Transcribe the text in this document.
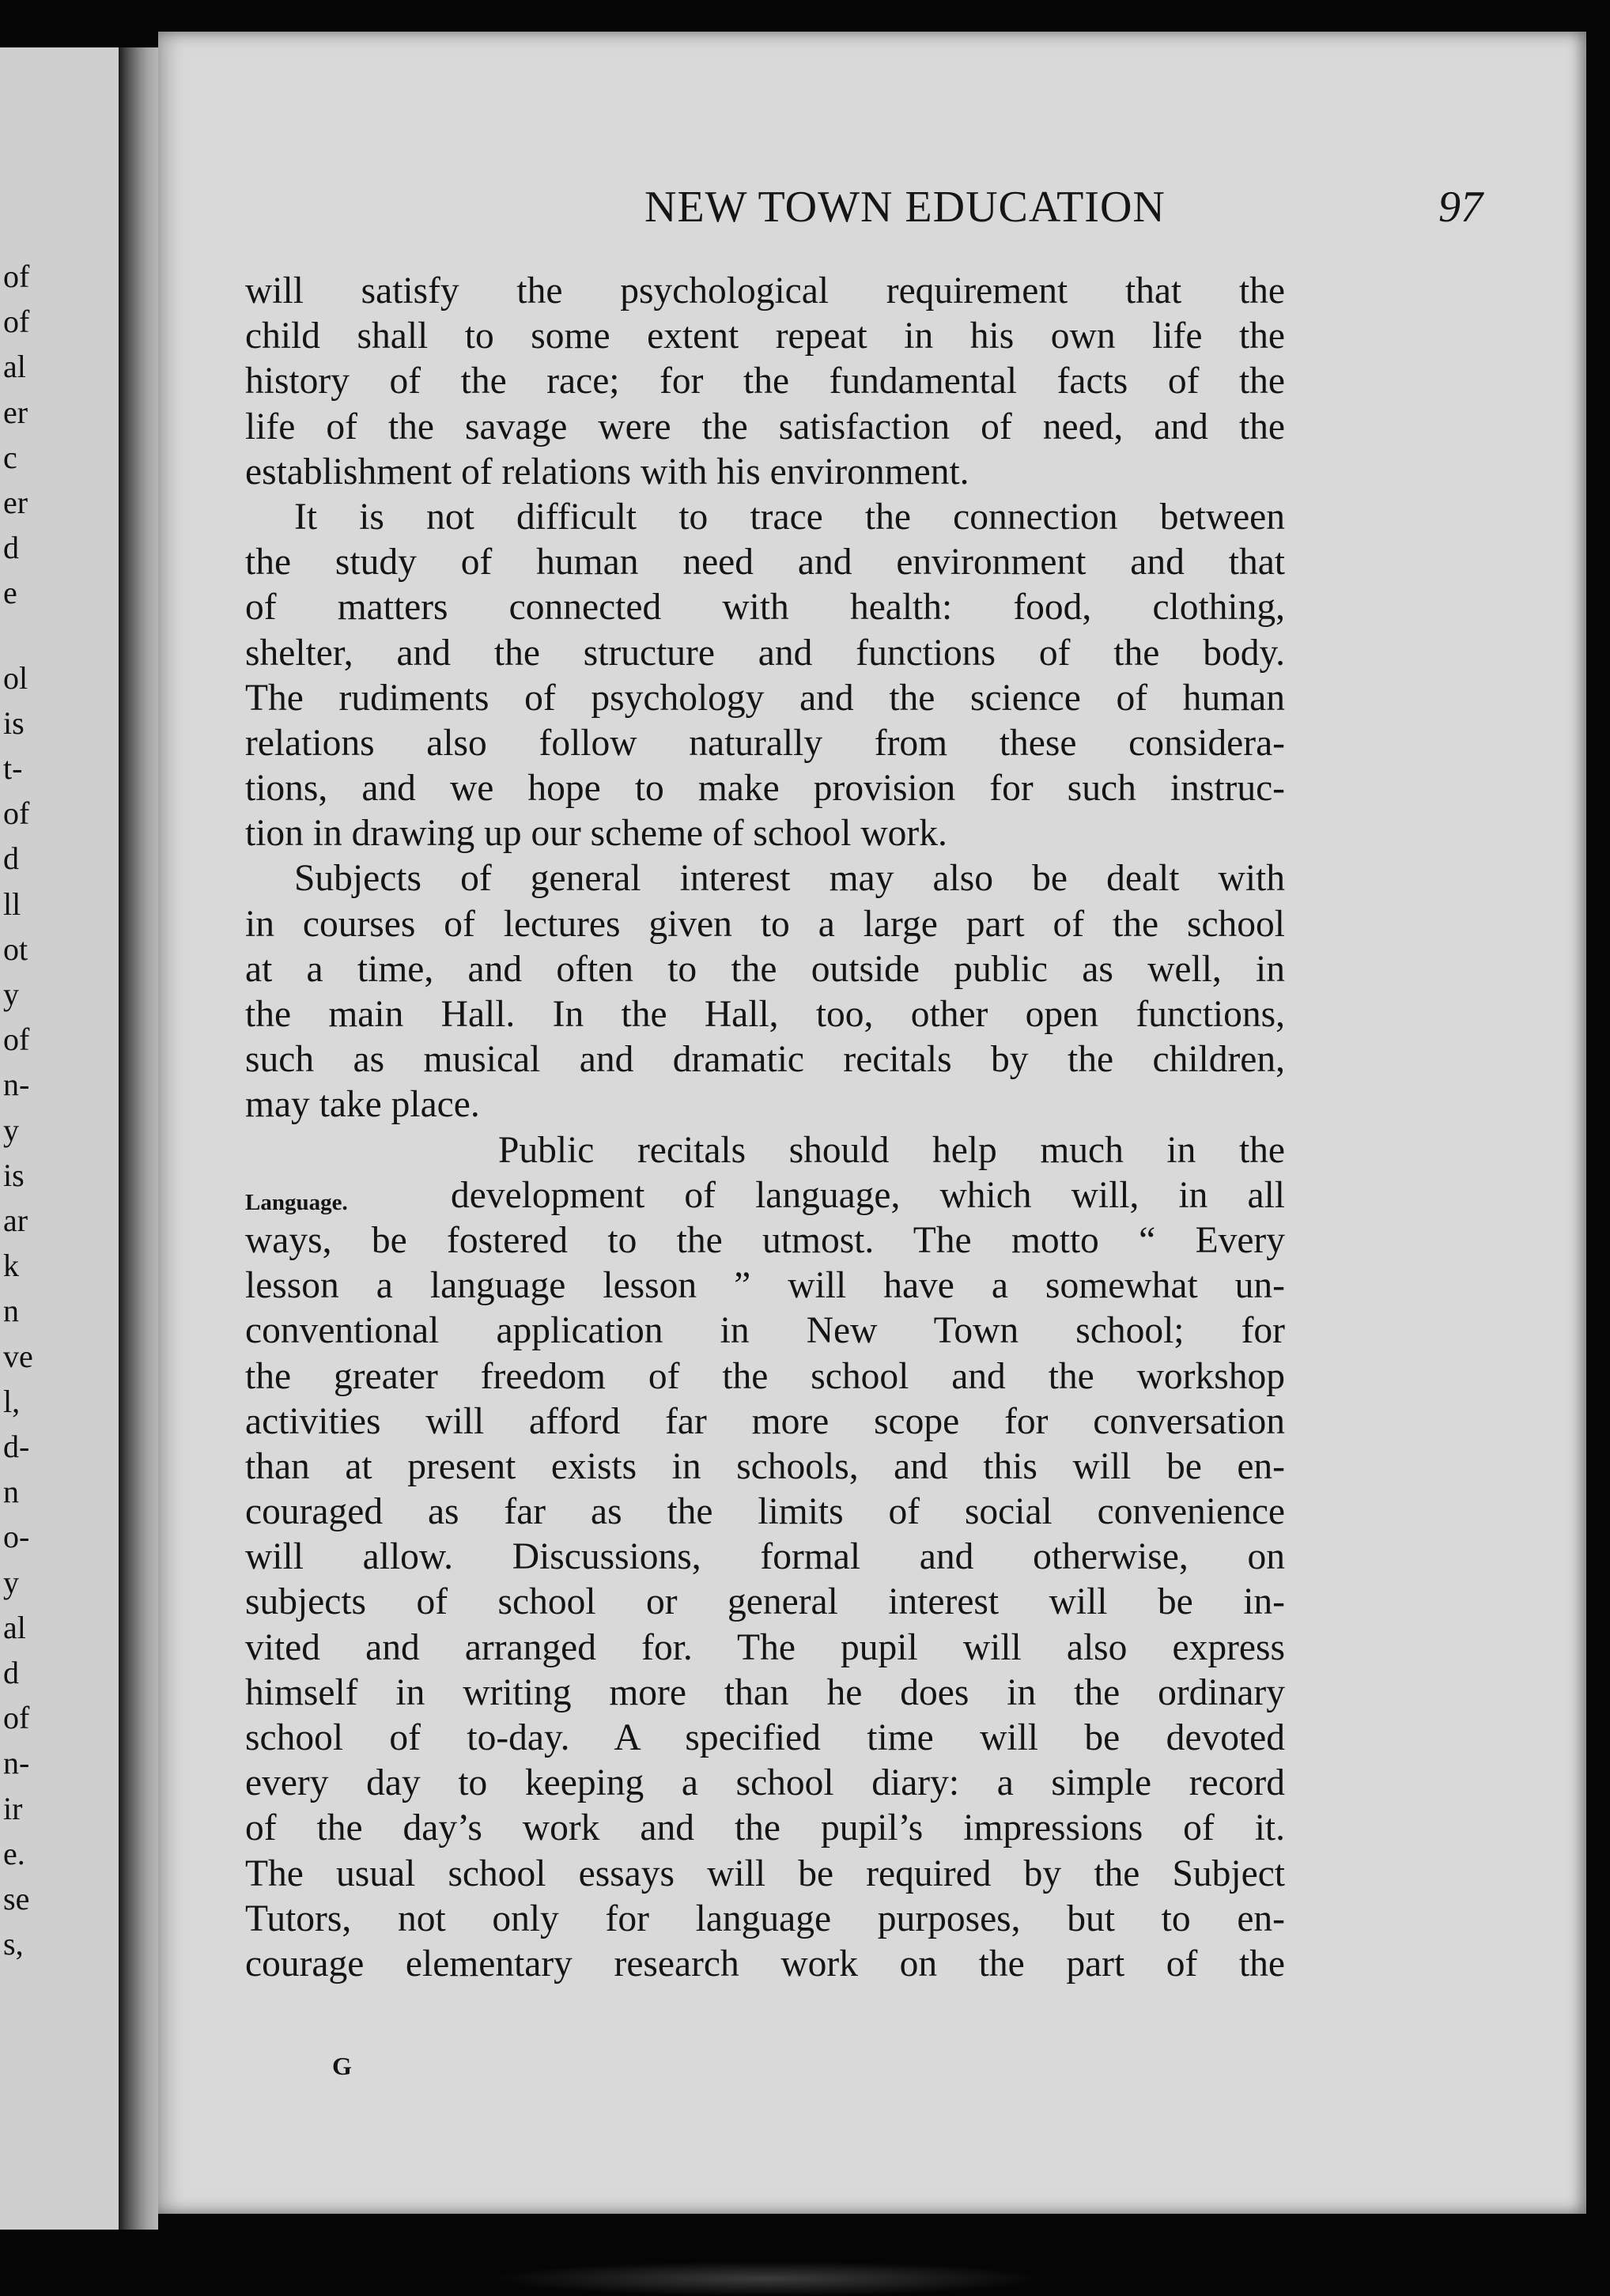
of
of
al
er
c
er
d
e
ol
is
t-
of
d
ll
ot
y
of
n-
y
is
ar
k
n
ve
l,
d-
n
o-
y
al
d
of
n-
ir
e.
se
s,
NEW TOWN EDUCATION	97
will satisfy the psychological requirement that the
child shall to some extent repeat in his own life the
history of the race; for the fundamental facts of the
life of the savage were the satisfaction of need, and the
establishment of relations with his environment.
It is not difficult to trace the connection between
the study of human need and environment and that
of matters connected with health: food, clothing,
shelter, and the structure and functions of the body.
The rudiments of psychology and the science of human
relations also follow naturally from these considera-
tions, and we hope to make provision for such instruc-
tion in drawing up our scheme of school work.
Subjects of general interest may also be dealt with
in courses of lectures given to a large part of the school
at a time, and often to the outside public as well, in
the main Hall. In the Hall, too, other open functions,
such as musical and dramatic recitals by the children,
may take place.
Public recitals should help much in the
development of language, which will, in all
ways, be fostered to the utmost. The motto “ Every
lesson a language lesson ” will have a somewhat un-
conventional application in New Town school; for
the greater freedom of the school and the workshop
activities will afford far more scope for conversation
than at present exists in schools, and this will be en-
couraged as far as the limits of social convenience
will allow. Discussions, formal and otherwise, on
subjects of school or general interest will be in-
vited and arranged for. The pupil will also express
himself in writing more than he does in the ordinary
school of to-day. A specified time will be devoted
every day to keeping a school diary: a simple record
of the day’s work and the pupil’s impressions of it.
The usual school essays will be required by the Subject
Tutors, not only for language purposes, but to en-
courage elementary research work on the part of the
Language.
G
